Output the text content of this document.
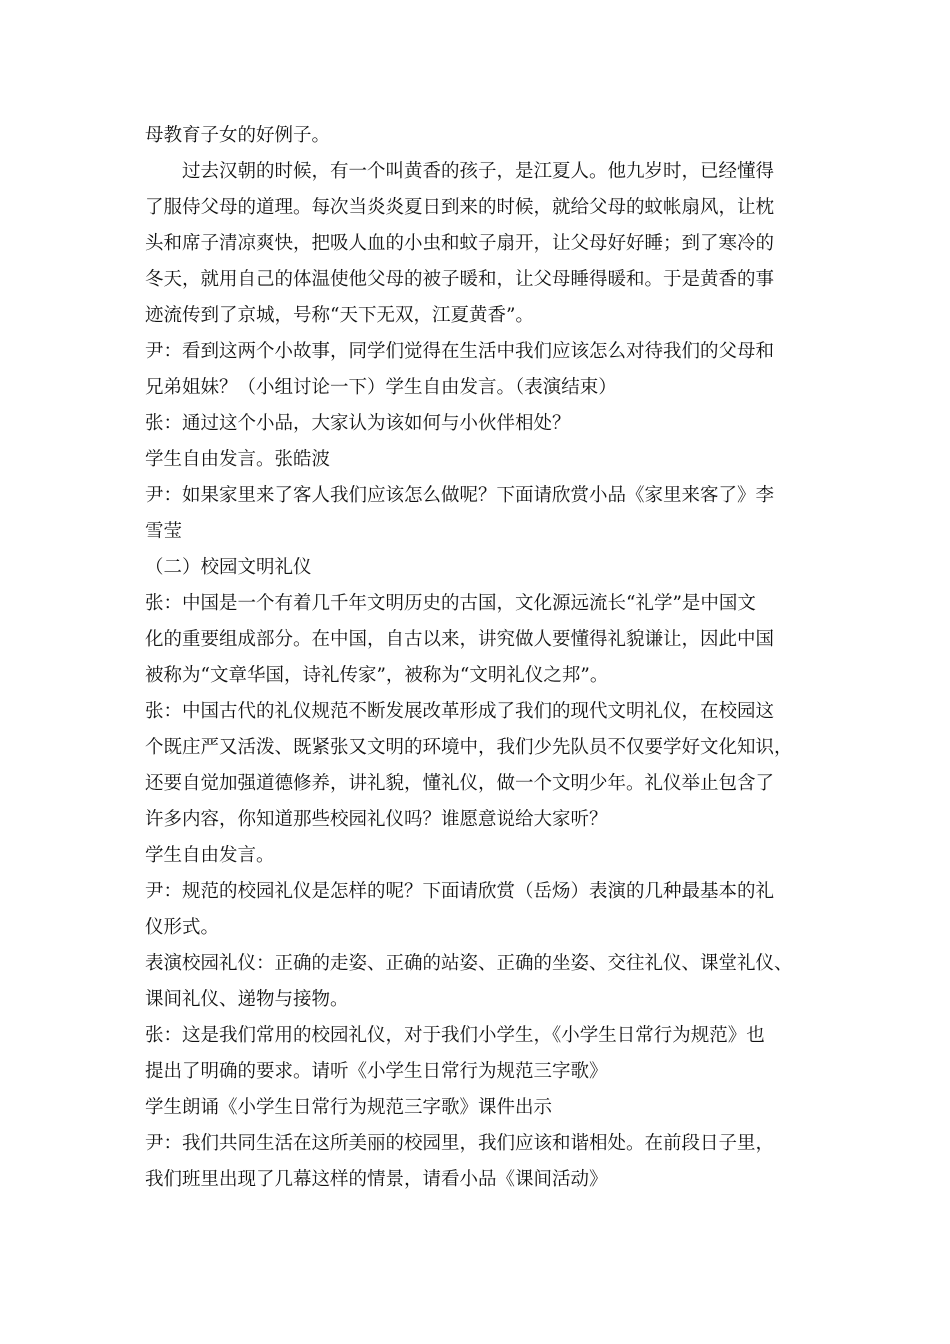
母教育子女的好例子。
过去汉朝的时候，有一个叫黄香的孩子，是江夏人。他九岁时，已经懂得
了服侍父母的道理。每次当炎炎夏日到来的时候，就给父母的蚊帐扇风，让枕
头和席子清凉爽快，把吸人血的小虫和蚊子扇开，让父母好好睡；到了寒冷的
冬天，就用自己的体温使他父母的被子暖和，让父母睡得暖和。于是黄香的事
迹流传到了京城，号称“天下无双，江夏黄香”。
尹：看到这两个小故事，同学们觉得在生活中我们应该怎么对待我们的父母和
兄弟姐妹？（小组讨论一下）学生自由发言。（表演结束）
张：通过这个小品，大家认为该如何与小伙伴相处？
学生自由发言。张皓波
尹：如果家里来了客人我们应该怎么做呢？下面请欣赏小品《家里来客了》李
雪莹
（二）校园文明礼仪
张：中国是一个有着几千年文明历史的古国，文化源远流长“礼学”是中国文
化的重要组成部分。在中国，自古以来，讲究做人要懂得礼貌谦让，因此中国
被称为“文章华国，诗礼传家”，被称为“文明礼仪之邦”。
张：中国古代的礼仪规范不断发展改革形成了我们的现代文明礼仪，在校园这
个既庄严又活泼、既紧张又文明的环境中，我们少先队员不仅要学好文化知识，
还要自觉加强道德修养，讲礼貌，懂礼仪，做一个文明少年。礼仪举止包含了
许多内容，你知道那些校园礼仪吗？谁愿意说给大家听？
学生自由发言。
尹：规范的校园礼仪是怎样的呢？下面请欣赏（岳炀）表演的几种最基本的礼
仪形式。
表演校园礼仪：正确的走姿、正确的站姿、正确的坐姿、交往礼仪、课堂礼仪、
课间礼仪、递物与接物。
张：这是我们常用的校园礼仪，对于我们小学生，《小学生日常行为规范》也
提出了明确的要求。请听《小学生日常行为规范三字歌》
学生朗诵《小学生日常行为规范三字歌》课件出示
尹：我们共同生活在这所美丽的校园里，我们应该和谐相处。在前段日子里，
我们班里出现了几幕这样的情景，请看小品《课间活动》
